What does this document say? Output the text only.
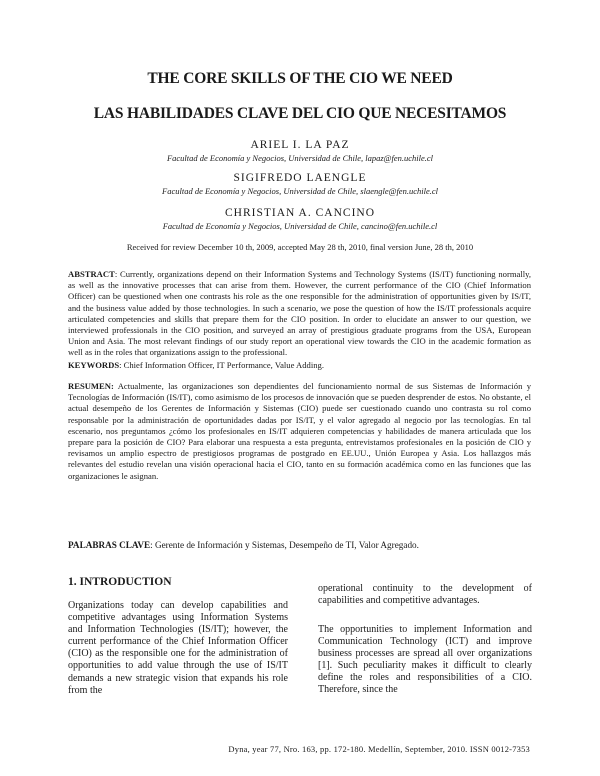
THE CORE SKILLS OF THE CIO WE NEED
LAS HABILIDADES CLAVE DEL CIO QUE NECESITAMOS
ARIEL I. LA PAZ
Facultad de Economía y Negocios, Universidad de Chile, lapaz@fen.uchile.cl
SIGIFREDO LAENGLE
Facultad de Economía y Negocios, Universidad de Chile, slaengle@fen.uchile.cl
CHRISTIAN A. CANCINO
Facultad de Economía y Negocios, Universidad de Chile, cancino@fen.uchile.cl
Received for review December 10 th, 2009, accepted May 28 th, 2010, final version June, 28 th, 2010

ABSTRACT: Currently, organizations depend on their Information Systems and Technology Systems (IS/IT) functioning normally, as well as the innovative processes that can arise from them. However, the current performance of the CIO (Chief Information Officer) can be questioned when one contrasts his role as the one responsible for the administration of opportunities given by IS/IT, and the business value added by those technologies. In such a scenario, we pose the question of how the IS/IT professionals acquire articulated competencies and skills that prepare them for the CIO position. In order to elucidate an answer to our question, we interviewed professionals in the CIO position, and surveyed an array of prestigious graduate programs from the USA, European Union and Asia. The most relevant findings of our study report an operational view towards the CIO in the academic formation as well as in the roles that organizations assign to the professional.

KEYWORDS: Chief Information Officer, IT Performance, Value Adding.

RESUMEN: Actualmente, las organizaciones son dependientes del funcionamiento normal de sus Sistemas de Información y Tecnologías de Información (IS/IT), como asimismo de los procesos de innovación que se pueden desprender de estos. No obstante, el actual desempeño de los Gerentes de Información y Sistemas (CIO) puede ser cuestionado cuando uno contrasta su rol como responsable por la administración de oportunidades dadas por IS/IT, y el valor agregado al negocio por las tecnologías. En tal escenario, nos preguntamos ¿cómo los profesionales en IS/IT adquieren competencias y habilidades de manera articulada que los prepare para la posición de CIO? Para elaborar una respuesta a esta pregunta, entrevistamos profesionales en la posición de CIO y revisamos un amplio espectro de prestigiosos programas de postgrado en EE.UU., Unión Europea y Asia. Los hallazgos más relevantes del estudio revelan una visión operacional hacia el CIO, tanto en su formación académica como en las funciones que las organizaciones le asignan.

PALABRAS CLAVE: Gerente de Información y Sistemas, Desempeño de TI, Valor Agregado.

1. INTRODUCTION

Organizations today can develop capabilities and competitive advantages using Information Systems and Information Technologies (IS/IT); however, the current performance of the Chief Information Officer (CIO) as the responsible one for the administration of opportunities to add value through the use of IS/IT demands a new strategic vision that expands his role from the

operational continuity to the development of capabilities and competitive advantages.

The opportunities to implement Information and Communication Technology (ICT) and improve business processes are spread all over organizations [1]. Such peculiarity makes it difficult to clearly define the roles and responsibilities of a CIO. Therefore, since the

Dyna, year 77, Nro. 163, pp. 172-180. Medellín, September, 2010. ISSN 0012-7353
